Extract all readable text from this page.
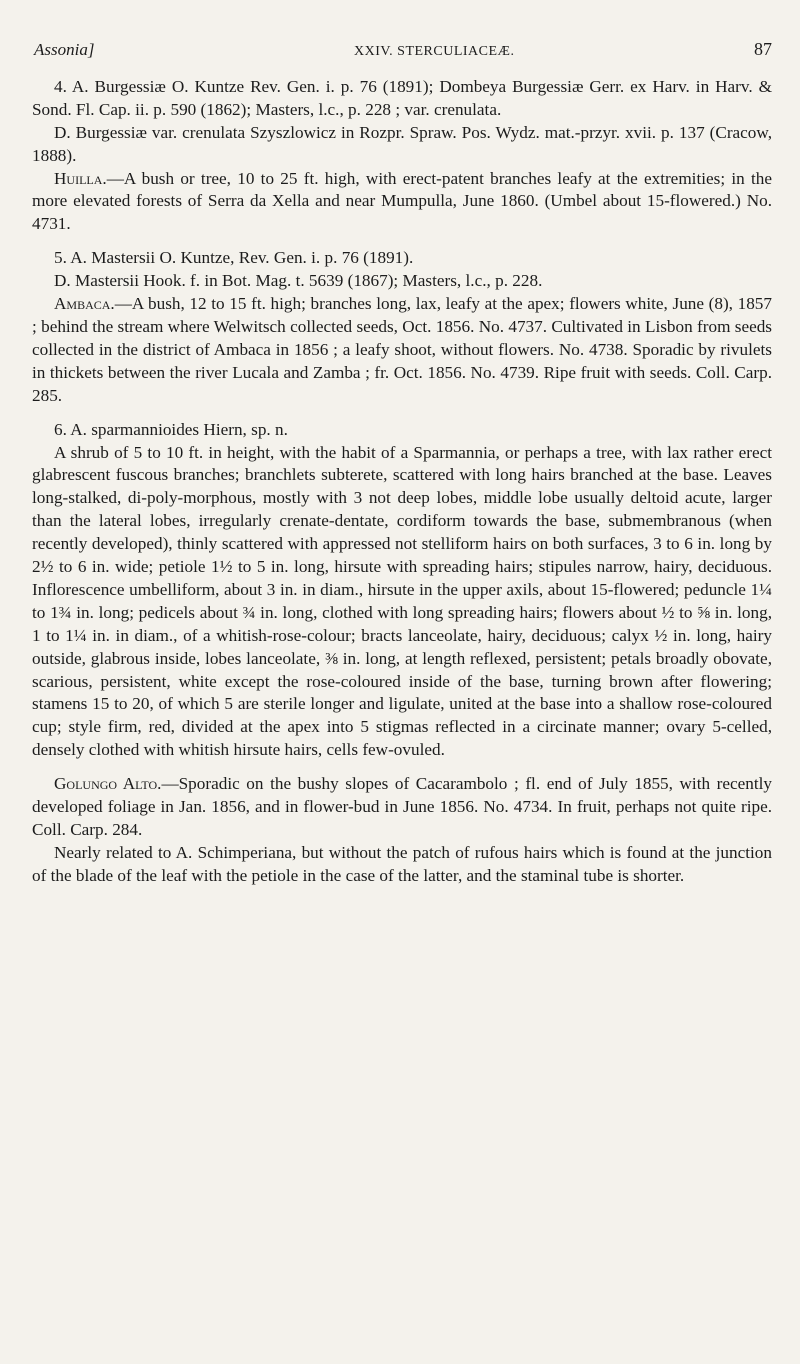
Assonia]	XXIV. STERCULIACEÆ.	87

4. A. Burgessiæ O. Kuntze Rev. Gen. i. p. 76 (1891); Dombeya Burgessiæ Gerr. ex Harv. in Harv. & Sond. Fl. Cap. ii. p. 590 (1862); Masters, l.c., p. 228 ; var. crenulata.

D. Burgessiæ var. crenulata Szyszlowicz in Rozpr. Spraw. Pos. Wydz. mat.-przyr. xvii. p. 137 (Cracow, 1888).

Huilla.—A bush or tree, 10 to 25 ft. high, with erect-patent branches leafy at the extremities; in the more elevated forests of Serra da Xella and near Mumpulla, June 1860. (Umbel about 15-flowered.) No. 4731.

5. A. Mastersii O. Kuntze, Rev. Gen. i. p. 76 (1891).

D. Mastersii Hook. f. in Bot. Mag. t. 5639 (1867); Masters, l.c., p. 228.

Ambaca.—A bush, 12 to 15 ft. high; branches long, lax, leafy at the apex; flowers white, June (8), 1857 ; behind the stream where Welwitsch collected seeds, Oct. 1856. No. 4737. Cultivated in Lisbon from seeds collected in the district of Ambaca in 1856 ; a leafy shoot, without flowers. No. 4738. Sporadic by rivulets in thickets between the river Lucala and Zamba ; fr. Oct. 1856. No. 4739. Ripe fruit with seeds. Coll. Carp. 285.

6. A. sparmannioides Hiern, sp. n.

A shrub of 5 to 10 ft. in height, with the habit of a Sparmannia, or perhaps a tree, with lax rather erect glabrescent fuscous branches; branchlets subterete, scattered with long hairs branched at the base. Leaves long-stalked, di-poly-morphous, mostly with 3 not deep lobes, middle lobe usually deltoid acute, larger than the lateral lobes, irregularly crenate-dentate, cordiform towards the base, submembranous (when recently developed), thinly scattered with appressed not stelliform hairs on both surfaces, 3 to 6 in. long by 2½ to 6 in. wide; petiole 1½ to 5 in. long, hirsute with spreading hairs; stipules narrow, hairy, deciduous. Inflorescence umbelliform, about 3 in. in diam., hirsute in the upper axils, about 15-flowered; peduncle 1¼ to 1¾ in. long; pedicels about ¾ in. long, clothed with long spreading hairs; flowers about ½ to ⅝ in. long, 1 to 1¼ in. in diam., of a whitish-rose-colour; bracts lanceolate, hairy, deciduous; calyx ½ in. long, hairy outside, glabrous inside, lobes lanceolate, ⅜ in. long, at length reflexed, persistent; petals broadly obovate, scarious, persistent, white except the rose-coloured inside of the base, turning brown after flowering; stamens 15 to 20, of which 5 are sterile longer and ligulate, united at the base into a shallow rose-coloured cup; style firm, red, divided at the apex into 5 stigmas reflected in a circinate manner; ovary 5-celled, densely clothed with whitish hirsute hairs, cells few-ovuled.

Golungo Alto.—Sporadic on the bushy slopes of Cacarambolo ; fl. end of July 1855, with recently developed foliage in Jan. 1856, and in flower-bud in June 1856. No. 4734. In fruit, perhaps not quite ripe. Coll. Carp. 284.

Nearly related to A. Schimperiana, but without the patch of rufous hairs which is found at the junction of the blade of the leaf with the petiole in the case of the latter, and the staminal tube is shorter.
